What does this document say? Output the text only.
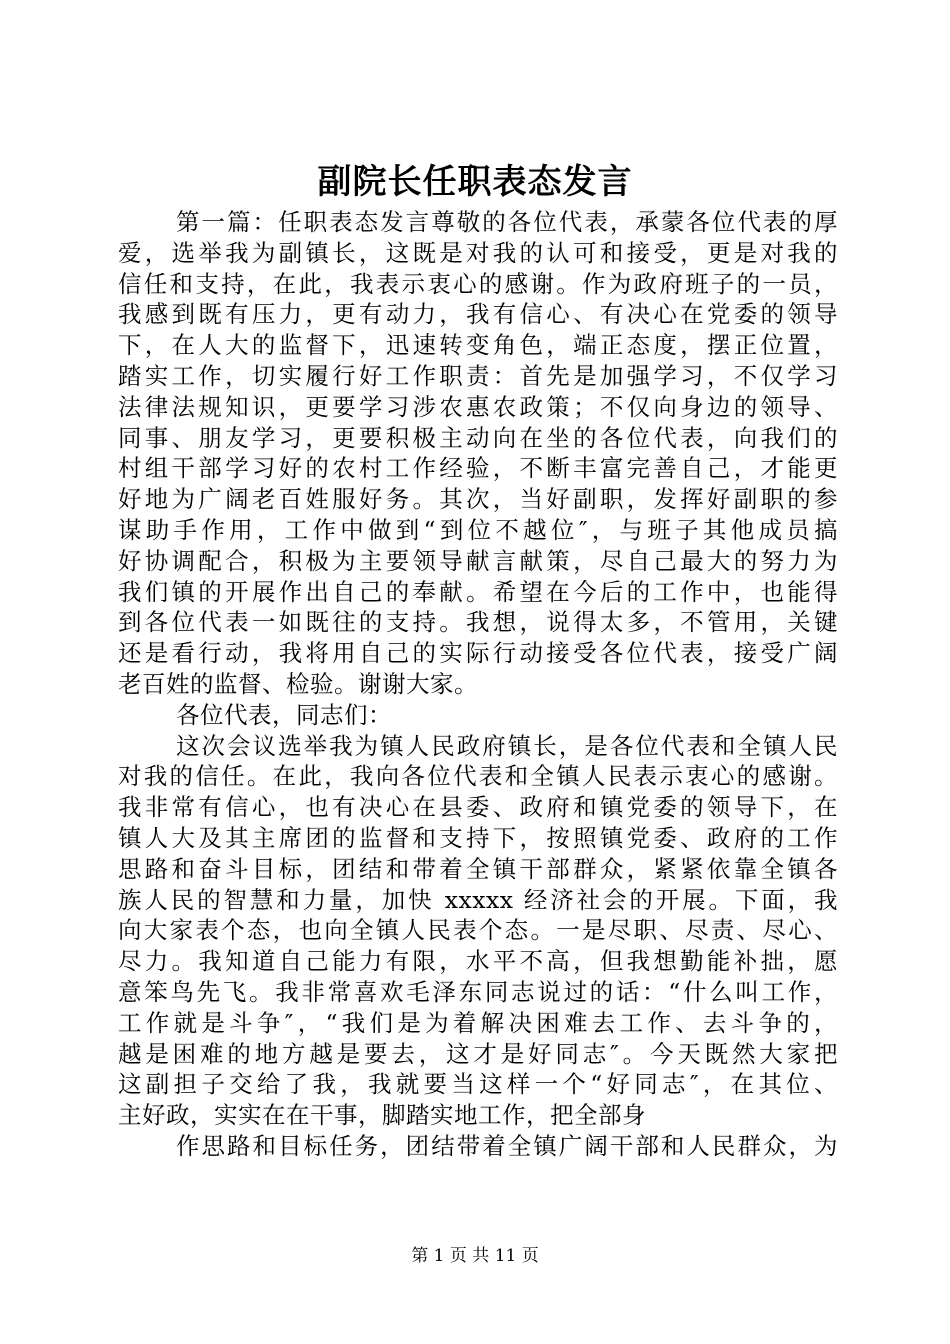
副院长任职表态发言
第一篇：任职表态发言尊敬的各位代表，承蒙各位代表的厚
爱，选举我为副镇长，这既是对我的认可和接受，更是对我的
信任和支持，在此，我表示衷心的感谢。作为政府班子的一员，
我感到既有压力，更有动力，我有信心、有决心在党委的领导
下，在人大的监督下，迅速转变角色，端正态度，摆正位置，
踏实工作，切实履行好工作职责：首先是加强学习，不仅学习
法律法规知识，更要学习涉农惠农政策；不仅向身边的领导、
同事、朋友学习，更要积极主动向在坐的各位代表，向我们的
村组干部学习好的农村工作经验，不断丰富完善自己，才能更
好地为广阔老百姓服好务。其次，当好副职，发挥好副职的参
谋助手作用，工作中做到“到位不越位″，与班子其他成员搞
好协调配合，积极为主要领导献言献策，尽自己最大的努力为
我们镇的开展作出自己的奉献。希望在今后的工作中，也能得
到各位代表一如既往的支持。我想，说得太多，不管用，关键
还是看行动，我将用自己的实际行动接受各位代表，接受广阔
老百姓的监督、检验。谢谢大家。
各位代表，同志们：
这次会议选举我为镇人民政府镇长，是各位代表和全镇人民
对我的信任。在此，我向各位代表和全镇人民表示衷心的感谢。
我非常有信心，也有决心在县委、政府和镇党委的领导下，在
镇人大及其主席团的监督和支持下，按照镇党委、政府的工作
思路和奋斗目标，团结和带着全镇干部群众，紧紧依靠全镇各
族人民的智慧和力量，加快 xxxxx 经济社会的开展。下面，我
向大家表个态，也向全镇人民表个态。一是尽职、尽责、尽心、
尽力。我知道自己能力有限，水平不高，但我想勤能补拙，愿
意笨鸟先飞。我非常喜欢毛泽东同志说过的话：“什么叫工作，
工作就是斗争″，“我们是为着解决困难去工作、去斗争的，
越是困难的地方越是要去，这才是好同志″。今天既然大家把
这副担子交给了我，我就要当这样一个“好同志″，在其位、
主好政，实实在在干事，脚踏实地工作，把全部身
作思路和目标任务，团结带着全镇广阔干部和人民群众，为
第 1 页 共 11 页
